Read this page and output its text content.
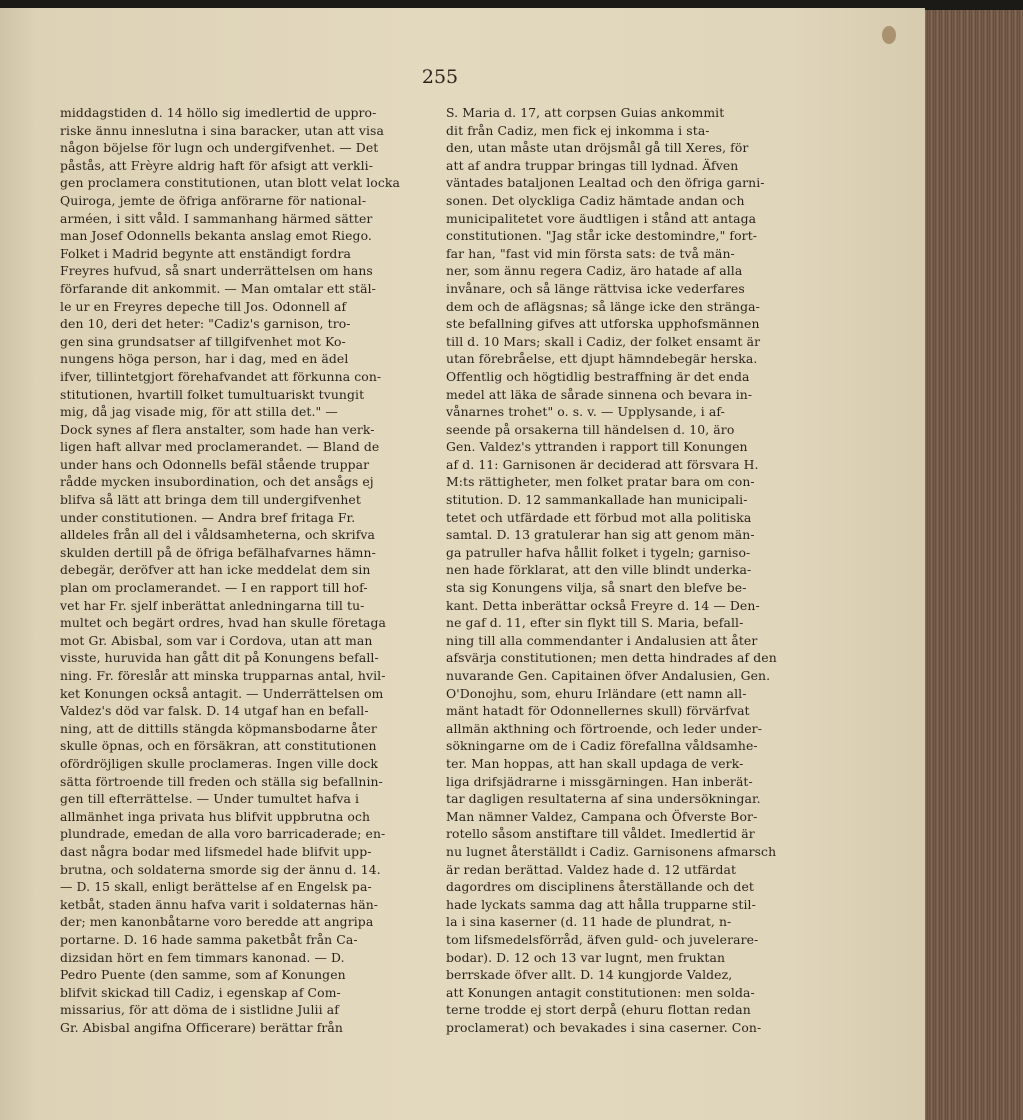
255
middagstiden d. 14 höllo sig imedlertid de uppro-
riske ännu inneslutna i sina baracker, utan att visa
någon böjelse för lugn och undergifvenhet. — Det
påstås, att Frèyre aldrig haft för afsigt att verkli-
gen proclamera constitutionen, utan blott velat locka
Quiroga, jemte de öfriga anförarne för national-
arméen, i sitt våld. I sammanhang härmed sätter
man Josef Odonnells bekanta anslag emot Riego.
Folket i Madrid begynte att enständigt fordra
Freyres hufvud, så snart underrättelsen om hans
förfarande dit ankommit. — Man omtalar ett stäl-
le ur en Freyres depeche till Jos. Odonnell af
den 10, deri det heter: "Cadiz's garnison, tro-
gen sina grundsatser af tillgifvenhet mot Ko-
nungens höga person, har i dag, med en ädel
ifver, tillintetgjort förehafvandet att förkunna con-
stitutionen, hvartill folket tumultuariskt tvungit
mig, då jag visade mig, för att stilla det." —
Dock synes af flera anstalter, som hade han verk-
ligen haft allvar med proclamerandet. — Bland de
under hans och Odonnells befäl stående truppar
rådde mycken insubordination, och det ansågs ej
blifva så lätt att bringa dem till undergifvenhet
under constitutionen. — Andra bref fritaga Fr.
alldeles från all del i våldsamheterna, och skrifva
skulden dertill på de öfriga befälhafvarnes hämn-
debegär, deröfver att han icke meddelat dem sin
plan om proclamerandet. — I en rapport till hof-
vet har Fr. sjelf inberättat anledningarna till tu-
multet och begärt ordres, hvad han skulle företaga
mot Gr. Abisbal, som var i Cordova, utan att man
visste, huruvida han gått dit på Konungens befall-
ning. Fr. föreslår att minska trupparnas antal, hvil-
ket Konungen också antagit. — Underrättelsen om
Valdez's död var falsk. D. 14 utgaf han en befall-
ning, att de dittills stängda köpmansbodarne åter
skulle öpnas, och en försäkran, att constitutionen
ofördröjligen skulle proclameras. Ingen ville dock
sätta förtroende till freden och ställa sig befallnin-
gen till efterrättelse. — Under tumultet hafva i
allmänhet inga privata hus blifvit uppbrutna och
plundrade, emedan de alla voro barricaderade; en-
dast några bodar med lifsmedel hade blifvit upp-
brutna, och soldaterna smorde sig der ännu d. 14.
— D. 15 skall, enligt berättelse af en Engelsk pa-
ketbåt, staden ännu hafva varit i soldaternas hän-
der; men kanonbåtarne voro beredde att angripa
portarne. D. 16 hade samma paketbåt från Ca-
dizsidan hört en fem timmars kanonad. — D.
Pedro Puente (den samme, som af Konungen
blifvit skickad till Cadiz, i egenskap af Com-
missarius, för att döma de i sistlidne Julii af
Gr. Abisbal angifna Officerare) berättar från
S. Maria d. 17, att corpsen Guias ankommit
dit från Cadiz, men fick ej inkomma i sta-
den, utan måste utan dröjsmål gå till Xeres, för
att af andra truppar bringas till lydnad. Äfven
väntades bataljonen Lealtad och den öfriga garni-
sonen. Det olyckliga Cadiz hämtade andan och
municipalitetet vore äudtligen i stånd att antaga
constitutionen. "Jag står icke destomindre," fort-
far han, "fast vid min första sats: de två män-
ner, som ännu regera Cadiz, äro hatade af alla
invånare, och så länge rättvisa icke vederfares
dem och de aflägsnas; så länge icke den stränga-
ste befallning gifves att utforska upphofsmännen
till d. 10 Mars; skall i Cadiz, der folket ensamt är
utan förebråelse, ett djupt hämndebegär herska.
Offentlig och högtidlig bestraffning är det enda
medel att läka de sårade sinnena och bevara in-
vånarnes trohet" o. s. v. — Upplysande, i af-
seende på orsakerna till händelsen d. 10, äro
Gen. Valdez's yttranden i rapport till Konungen
af d. 11: Garnisonen är deciderad att försvara H.
M:ts rättigheter, men folket pratar bara om con-
stitution. D. 12 sammankallade han municipali-
tetet och utfärdade ett förbud mot alla politiska
samtal. D. 13 gratulerar han sig att genom män-
ga patruller hafva hållit folket i tygeln; garniso-
nen hade förklarat, att den ville blindt underka-
sta sig Konungens vilja, så snart den blefve be-
kant. Detta inberättar också Freyre d. 14 — Den-
ne gaf d. 11, efter sin flykt till S. Maria, befall-
ning till alla commendanter i Andalusien att åter
afsvärja constitutionen; men detta hindrades af den
nuvarande Gen. Capitainen öfver Andalusien, Gen.
O'Donojhu, som, ehuru Irländare (ett namn all-
mänt hatadt för Odonnellernes skull) förvärfvat
allmän akthning och förtroende, och leder under-
sökningarne om de i Cadiz förefallna våldsamhe-
ter. Man hoppas, att han skall updaga de verk-
liga drifsjädrarne i missgärningen. Han inberät-
tar dagligen resultaterna af sina undersökningar.
Man nämner Valdez, Campana och Öfverste Bor-
rotello såsom anstiftare till våldet. Imedlertid är
nu lugnet återställdt i Cadiz. Garnisonens afmarsch
är redan berättad. Valdez hade d. 12 utfärdat
dagordres om disciplinens återställande och det
hade lyckats samma dag att hålla trupparne stil-
la i sina kaserner (d. 11 hade de plundrat, n-
tom lifsmedelsförråd, äfven guld- och juvelerare-
bodar). D. 12 och 13 var lugnt, men fruktan
berrskade öfver allt. D. 14 kungjorde Valdez,
att Konungen antagit constitutionen: men solda-
terne trodde ej stort derpå (ehuru flottan redan
proclamerat) och bevakades i sina caserner. Con-
